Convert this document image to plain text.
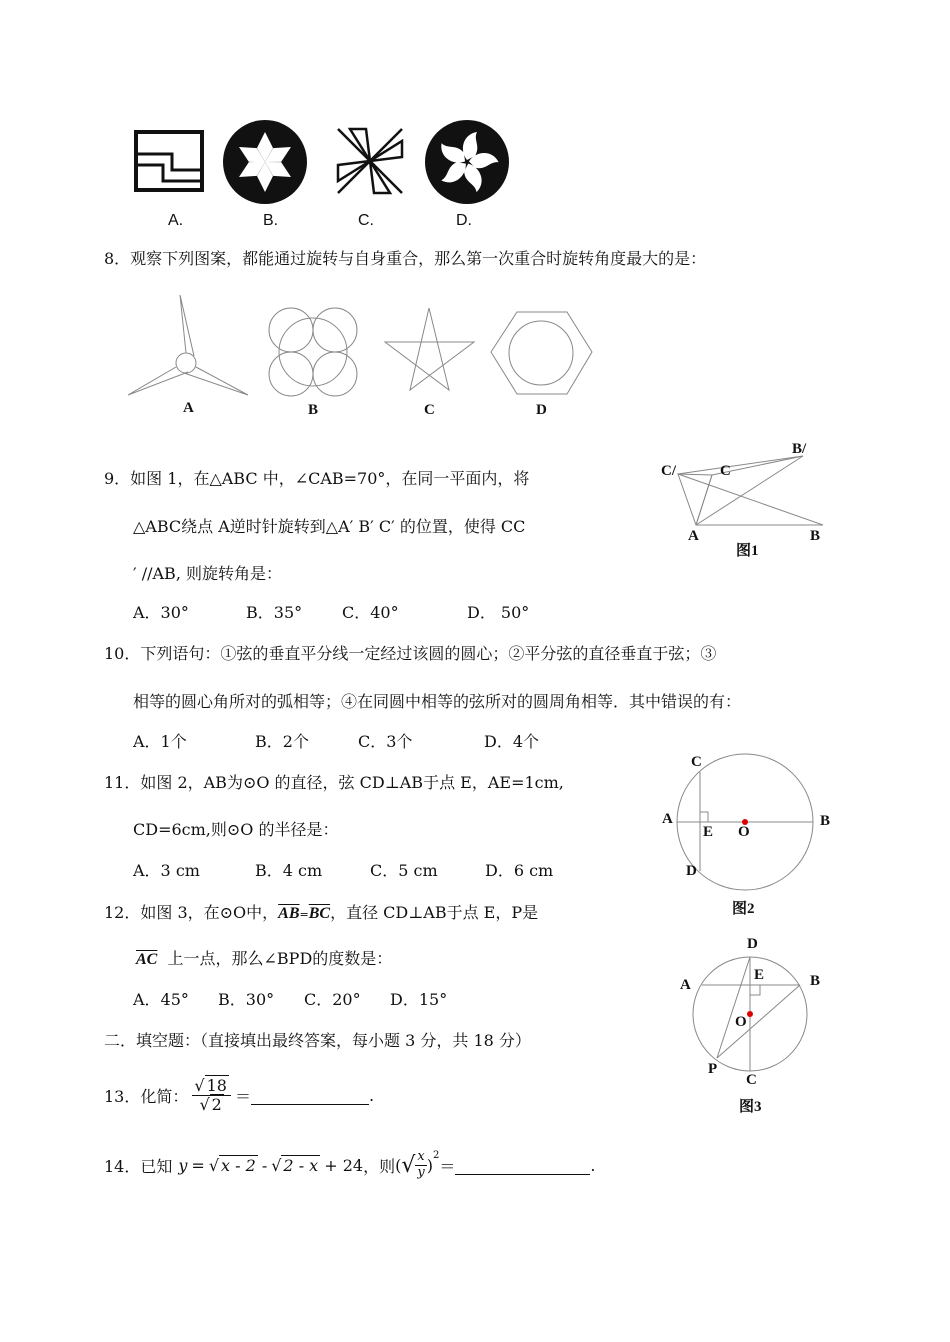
A.	B.	C.	D.
8．观察下列图案，都能通过旋转与自身重合，那么第一次重合时旋转角度最大的是：
A	B	C	D
9．如图 1，在△ABC 中，∠CAB=70°，在同一平面内，将
△ABC绕点 A逆时针旋转到△A′ B′ C′ 的位置，使得 CC
′ //AB, 则旋转角是：
A．30°	B．35° C．40°	D． 50°
C/	C
B/
A	B
图1
10．下列语句：①弦的垂直平分线一定经过该圆的圆心；②平分弦的直径垂直于弦；③
相等的圆心角所对的弧相等；④在同圆中相等的弦所对的圆周角相等．其中错误的有：
A．1个	B．2个	C．3个	D．4个
11．如图 2，AB为⊙O 的直径，弦 CD⊥AB于点 E，AE=1cm,
CD=6cm,则⊙O 的半径是：
A．3 cm	B．4 cm	C．5 cm	D．6 cm
C
A
E O
B
D
图2
12．如图 3，在⊙O中，$\overline{AB}=\overline{BC}$，直径 CD⊥AB于点 E，P是
$\overline{AC}$ 上一点，那么∠BPD的度数是：
A．45° B．30° C．20° D．15°
D
E
A	B
O
P
C
图3
二．填空题：（直接填出最终答案，每小题 3 分，共 18 分）
13．化简： $\frac{√ 18}{√ 2}$ ＝	.
14．已知 y = √ x - 2 - √ 2 - x + 24 ，则 ( √ $\frac{x}{y} )^2$
＝	.
